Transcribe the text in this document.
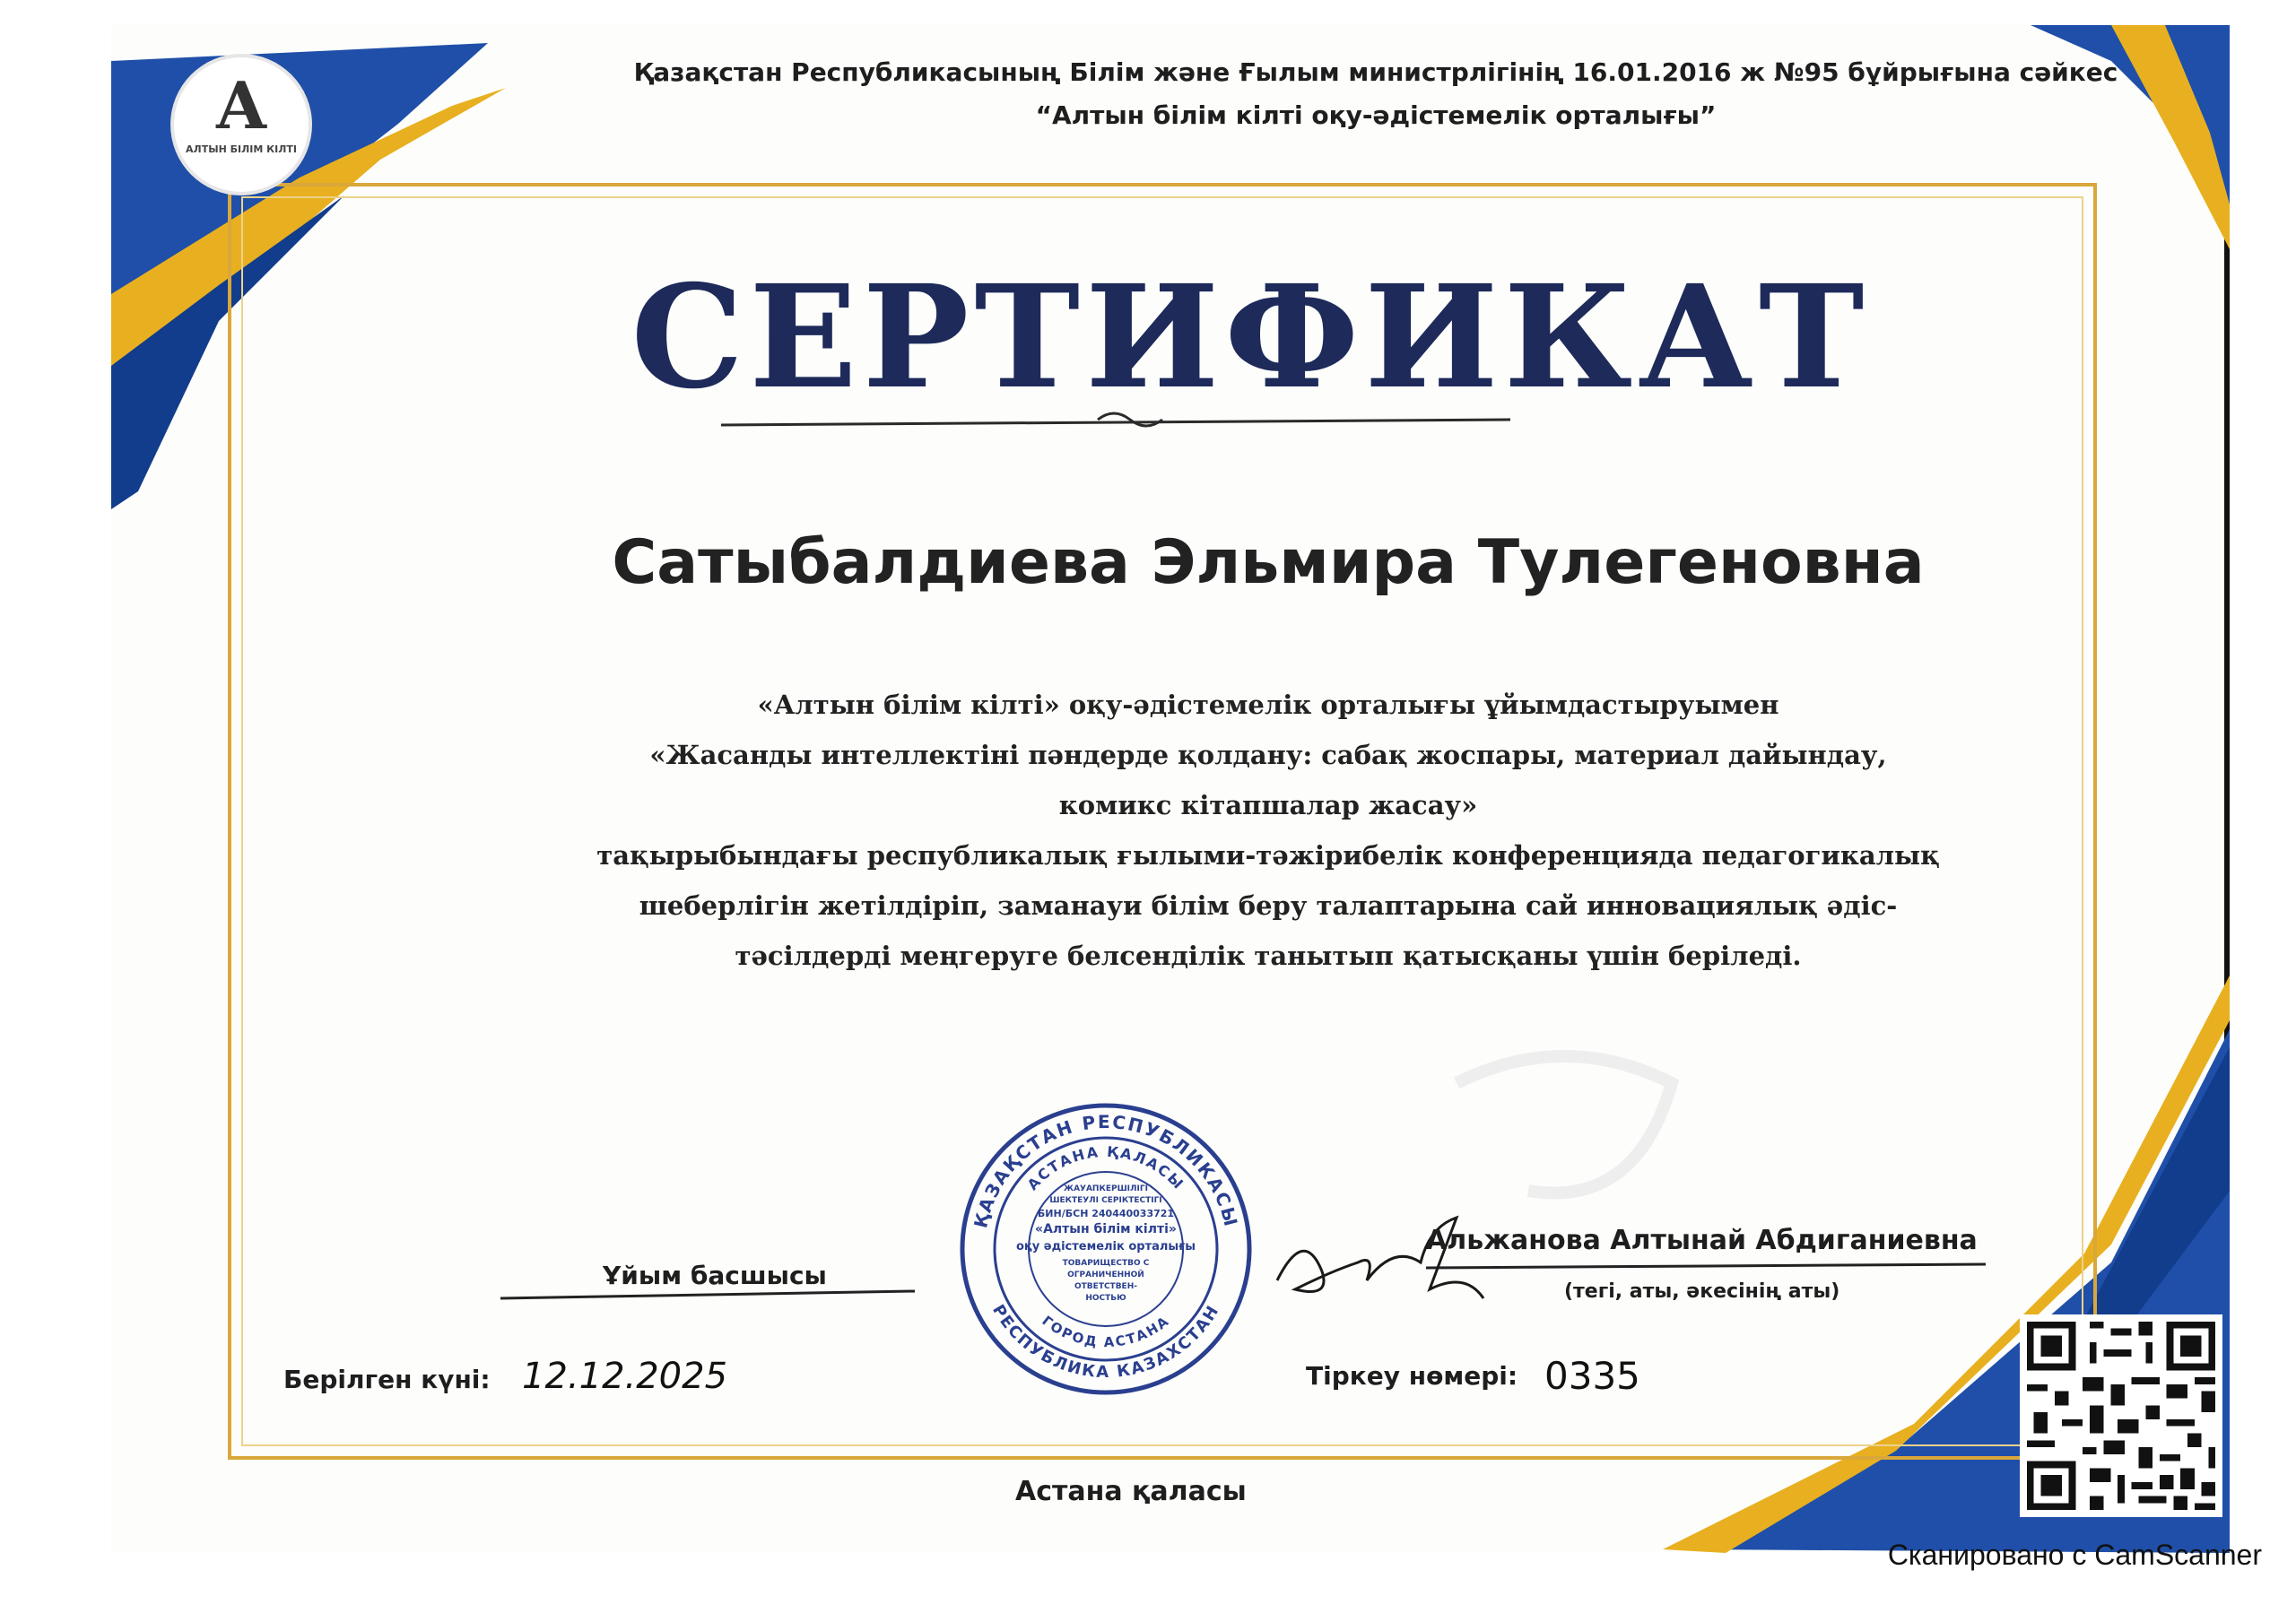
A
АЛТЫН БІЛІМ КІЛТІ
Қазақстан Республикасының Білім және Ғылым министрлігінің 16.01.2016 ж №95 бұйрығына сәйкес
“Алтын білім кілті оқу-әдістемелік орталығы”
СЕРТИФИКАТ
Сатыбалдиева Эльмира Тулегеновна
«Алтын білім кілті» оқу-әдістемелік орталығы ұйымдастыруымен
«Жасанды интеллектіні пәндерде қолдану: сабақ жоспары, материал дайындау,
комикс кітапшалар жасау»
тақырыбындағы республикалық ғылыми-тәжірибелік конференцияда педагогикалық
шеберлігін жетілдіріп, заманауи білім беру талаптарына сай инновациялық әдіс-
тәсілдерді меңгеруге белсенділік танытып қатысқаны үшін беріледі.
ҚАЗАҚСТАН РЕСПУБЛИКАСЫ
АСТАНА ҚАЛАСЫ
РЕСПУБЛИКА КАЗАХСТАН
ГОРОД АСТАНА
ЖАУАПКЕРШІЛІГІ
ШЕКТЕУЛІ СЕРІКТЕСТІГІ
БИН/БСН 240440033721
«Алтын білім кілті»
оқу әдістемелік орталығы
ТОВАРИЩЕСТВО С
ОГРАНИЧЕННОЙ
ОТВЕТСТВЕН-
НОСТЬЮ
Ұйым басшысы
Альжанова Алтынай Абдиганиевна
(тегі, аты, әкесінің аты)
Берілген күні: 12.12.2025	Тіркеу нөмері: 0335
Астана қаласы
Сканировано с CamScanner
